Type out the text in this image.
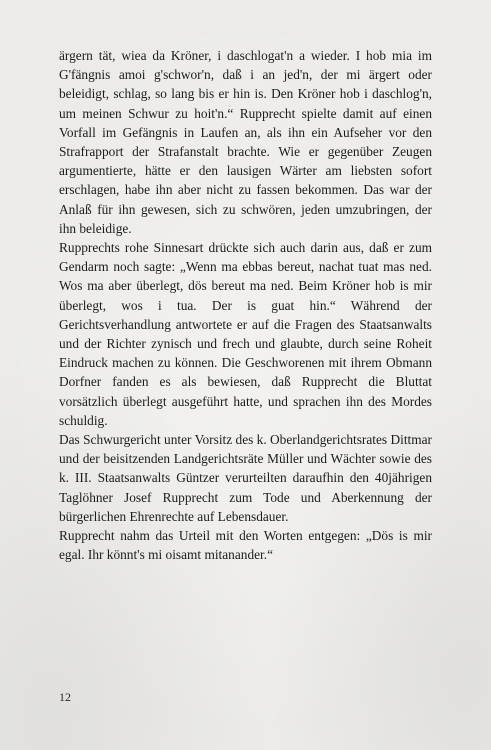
ärgern tät, wiea da Kröner, i daschlogat'n a wieder. I hob mia im G'fängnis amoi g'schwor'n, daß i an jed'n, der mi ärgert oder beleidigt, schlag, so lang bis er hin is. Den Kröner hob i daschlog'n, um meinen Schwur zu hoit'n.“ Rupprecht spielte damit auf einen Vorfall im Gefängnis in Laufen an, als ihn ein Aufseher vor den Strafrapport der Strafanstalt brachte. Wie er gegenüber Zeugen argumentierte, hätte er den lausigen Wärter am liebsten sofort erschlagen, habe ihn aber nicht zu fassen bekommen. Das war der Anlaß für ihn gewesen, sich zu schwören, jeden umzubringen, der ihn beleidige.

Rupprechts rohe Sinnesart drückte sich auch darin aus, daß er zum Gendarm noch sagte: „Wenn ma ebbas bereut, nachat tuat mas ned. Wos ma aber überlegt, dös bereut ma ned. Beim Kröner hob is mir überlegt, wos i tua. Der is guat hin.“ Während der Gerichtsverhandlung antwortete er auf die Fragen des Staatsanwalts und der Richter zynisch und frech und glaubte, durch seine Roheit Eindruck machen zu können. Die Geschworenen mit ihrem Obmann Dorfner fanden es als bewiesen, daß Rupprecht die Bluttat vorsätzlich überlegt ausgeführt hatte, und sprachen ihn des Mordes schuldig.

Das Schwurgericht unter Vorsitz des k. Oberlandgerichtsrates Dittmar und der beisitzenden Landgerichtsräte Müller und Wächter sowie des k. III. Staatsanwalts Güntzer verurteilten daraufhin den 40jährigen Taglöhner Josef Rupprecht zum Tode und Aberkennung der bürgerlichen Ehrenrechte auf Lebensdauer.

Rupprecht nahm das Urteil mit den Worten entgegen: „Dös is mir egal. Ihr könnt's mi oisamt mitanander.“

12
